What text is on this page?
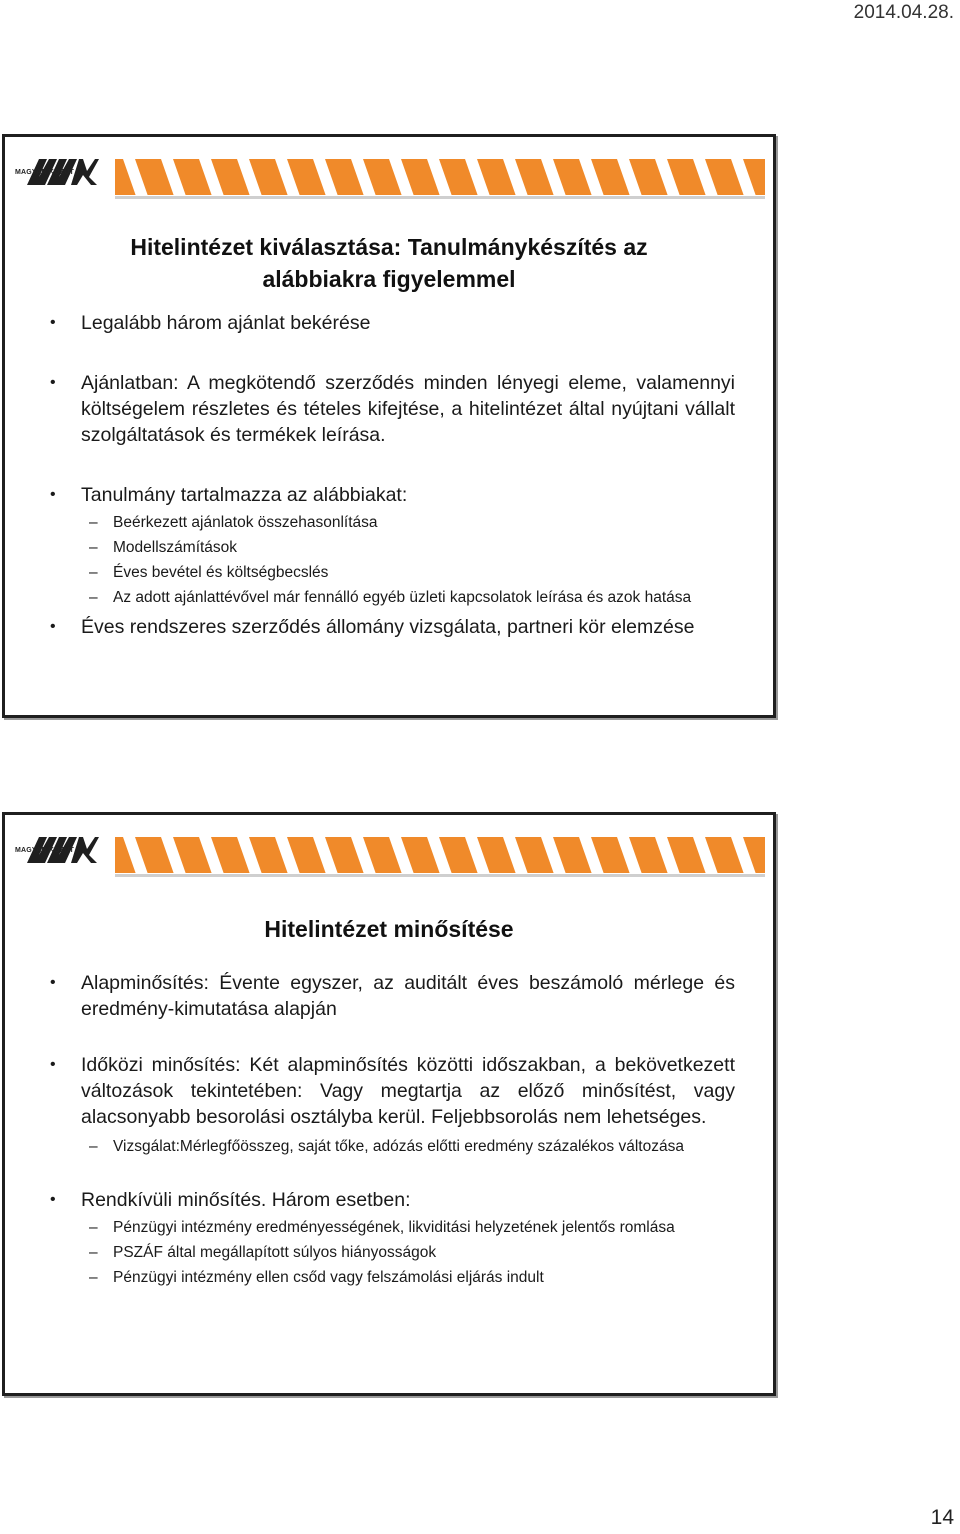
2014.04.28.
MAGYAR KÖZÚT
Hitelintézet kiválasztása: Tanulmánykészítés az
alábbiakra figyelemmel
• Legalább három ajánlat bekérése
• Ajánlatban: A megkötendő szerződés minden lényegi eleme, valamennyi költségelem részletes és tételes kifejtése, a hitelintézet által nyújtani vállalt szolgáltatások és termékek leírása.
• Tanulmány tartalmazza az alábbiakat:
– Beérkezett ajánlatok összehasonlítása
– Modellszámítások
– Éves bevétel és költségbecslés
– Az adott ajánlattévővel már fennálló egyéb üzleti kapcsolatok leírása és azok hatása
• Éves rendszeres szerződés állomány vizsgálata, partneri kör elemzése
MAGYAR KÖZÚT
Hitelintézet minősítése
• Alapminősítés: Évente egyszer, az auditált éves beszámoló mérlege és eredmény-kimutatása alapján
• Időközi minősítés: Két alapminősítés közötti időszakban, a bekövetkezett változások tekintetében: Vagy megtartja az előző minősítést, vagy alacsonyabb besorolási osztályba kerül. Feljebbsorolás nem lehetséges.
– Vizsgálat:Mérlegfőösszeg, saját tőke, adózás előtti eredmény százalékos változása
• Rendkívüli minősítés. Három esetben:
– Pénzügyi intézmény eredményességének, likviditási helyzetének jelentős romlása
– PSZÁF által megállapított súlyos hiányosságok
– Pénzügyi intézmény ellen csőd vagy felszámolási eljárás indult
14
